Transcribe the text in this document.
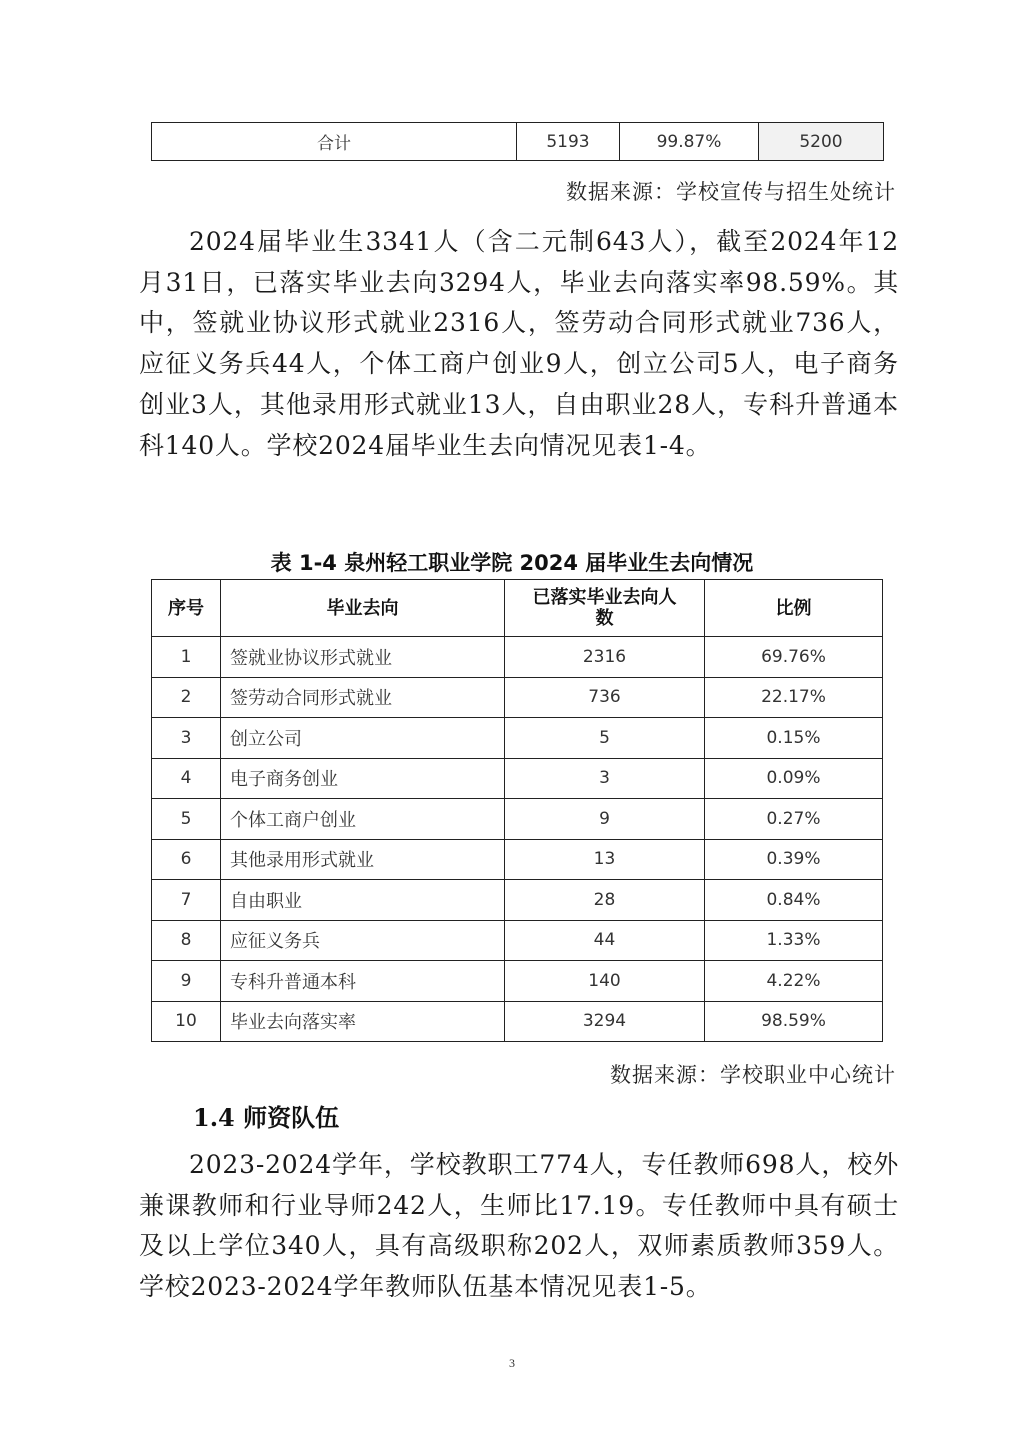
合计	5193	99.87%	5200
数据来源：学校宣传与招生处统计

2024届毕业生3341人（含二元制643人），截至2024年12月31日，已落实毕业去向3294人，毕业去向落实率98.59%。其中，签就业协议形式就业2316人，签劳动合同形式就业736人，应征义务兵44人，个体工商户创业9人，创立公司5人，电子商务创业3人，其他录用形式就业13人，自由职业28人，专科升普通本科140人。学校2024届毕业生去向情况见表1-4。

表 1-4 泉州轻工职业学院 2024 届毕业生去向情况
序号	毕业去向	已落实毕业去向人数	比例
1	签就业协议形式就业	2316	69.76%
2	签劳动合同形式就业	736	22.17%
3	创立公司	5	0.15%
4	电子商务创业	3	0.09%
5	个体工商户创业	9	0.27%
6	其他录用形式就业	13	0.39%
7	自由职业	28	0.84%
8	应征义务兵	44	1.33%
9	专科升普通本科	140	4.22%
10	毕业去向落实率	3294	98.59%
数据来源：学校职业中心统计
1.4 师资队伍

2023-2024学年，学校教职工774人，专任教师698人，校外兼课教师和行业导师242人，生师比17.19。专任教师中具有硕士及以上学位340人，具有高级职称202人，双师素质教师359人。学校2023-2024学年教师队伍基本情况见表1-5。

3
